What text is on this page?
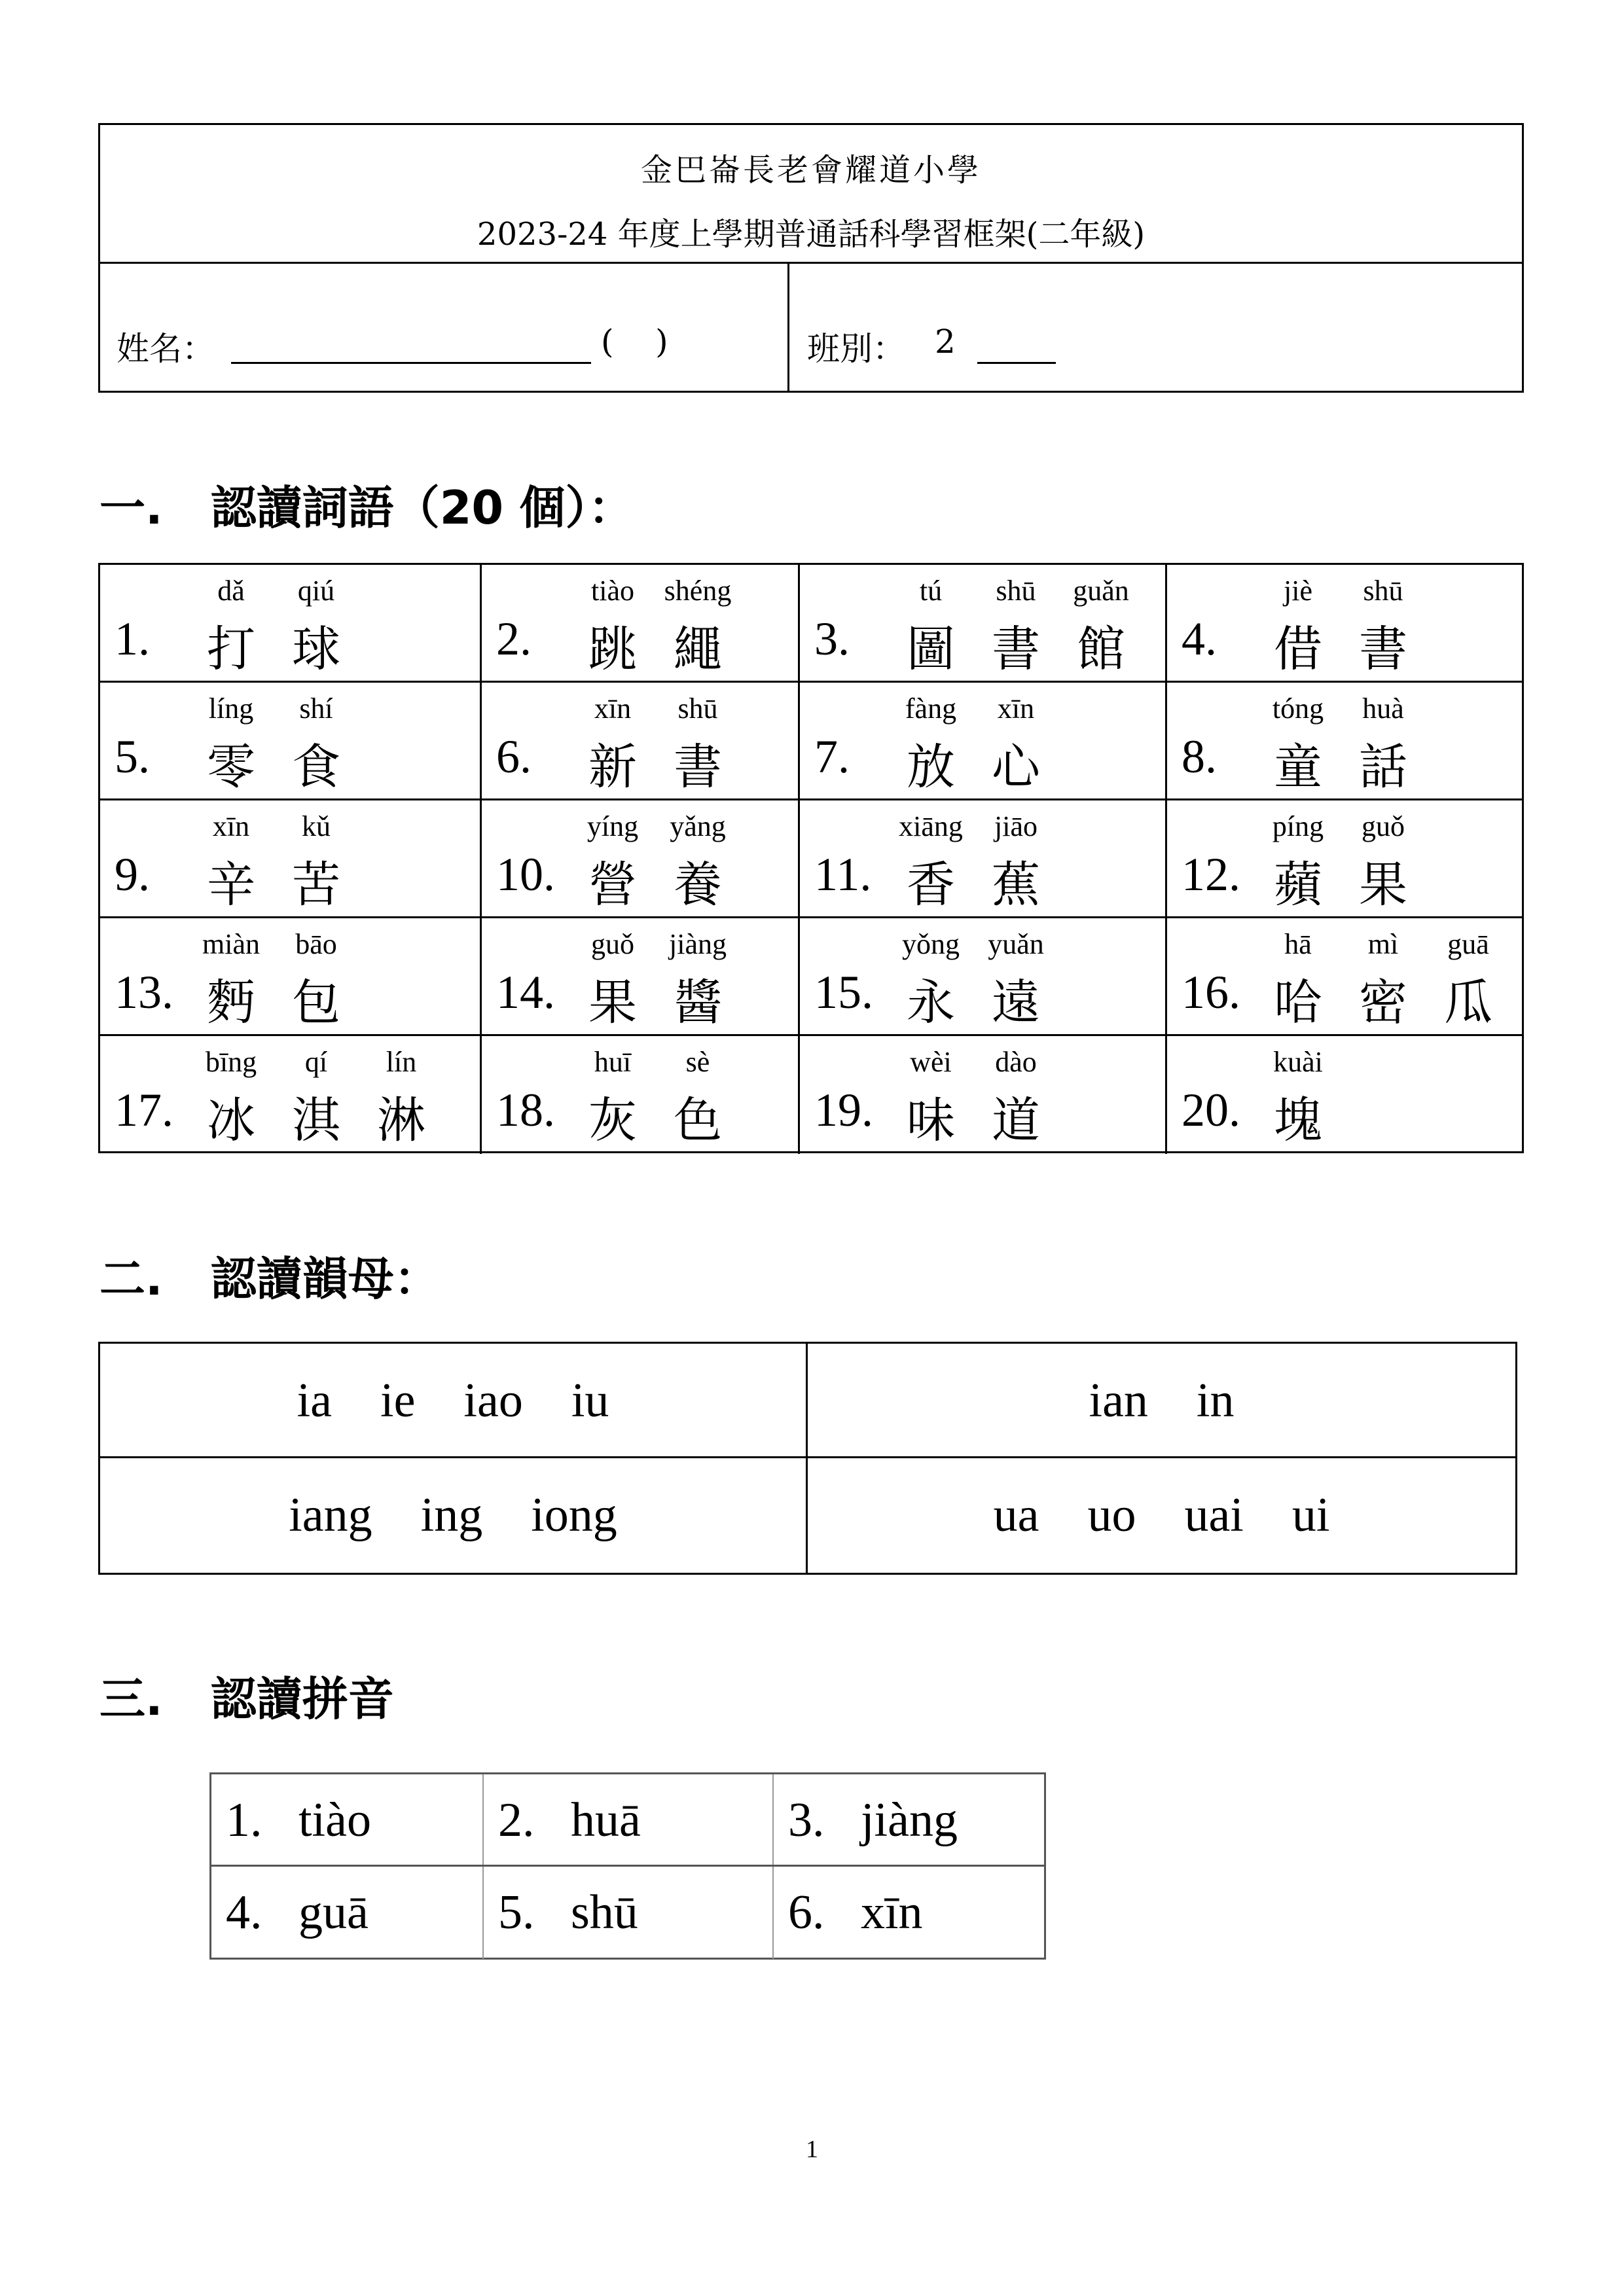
金巴崙長老會耀道小學
2023-24 年度上學期普通話科學習框架(二年級)
姓名：	(    )	班別： 2
一.   認讀詞語（20 個）：
1.
dǎ
打
qiú
球	2.
tiào
跳
shéng
繩	3.
tú
圖
shū
書
guǎn
館	4.
jiè
借
shū
書
5.
líng
零
shí
食	6.
xīn
新
shū
書	7.
fàng
放
xīn
心	8.
tóng
童
huà
話
9.
xīn
辛
kǔ
苦	10.
yíng
營
yǎng
養	11.
xiāng
香
jiāo
蕉	12.
píng
蘋
guǒ
果
13.
miàn
麪
bāo
包	14.
guǒ
果
jiàng
醬	15.
yǒng
永
yuǎn
遠	16.
hā
哈
mì
密
guā
瓜
17.
bīng
冰
qí
淇
lín
淋	18.
huī
灰
sè
色	19.
wèi
味
dào
道	20.
kuài
塊
二.   認讀韻母：
ia    ie    iao    iu	ian    in
iang    ing    iong	ua    uo    uai    ui
三.   認讀拼音
1.   tiào	2.   huā	3.   jiàng
4.   guā	5.   shū	6.   xīn
1
